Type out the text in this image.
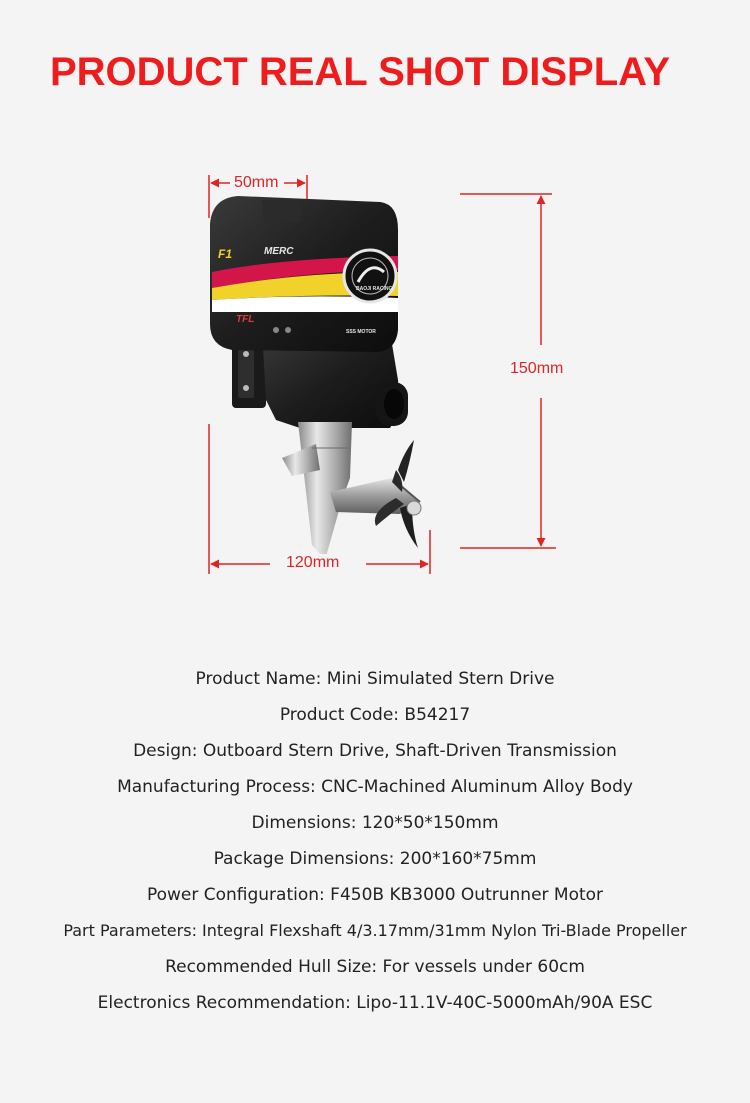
PRODUCT REAL SHOT DISPLAY
F1	MERC
TFL
SSS MOTOR
BAOJI RACING
50mm
150mm
120mm
Product Name: Mini Simulated Stern Drive
Product Code: B54217
Design: Outboard Stern Drive, Shaft-Driven Transmission
Manufacturing Process: CNC-Machined Aluminum Alloy Body
Dimensions: 120*50*150mm
Package Dimensions: 200*160*75mm
Power Configuration: F450B KB3000 Outrunner Motor
Part Parameters: Integral Flexshaft 4/3.17mm/31mm Nylon Tri-Blade Propeller
Recommended Hull Size: For vessels under 60cm
Electronics Recommendation: Lipo-11.1V-40C-5000mAh/90A ESC
